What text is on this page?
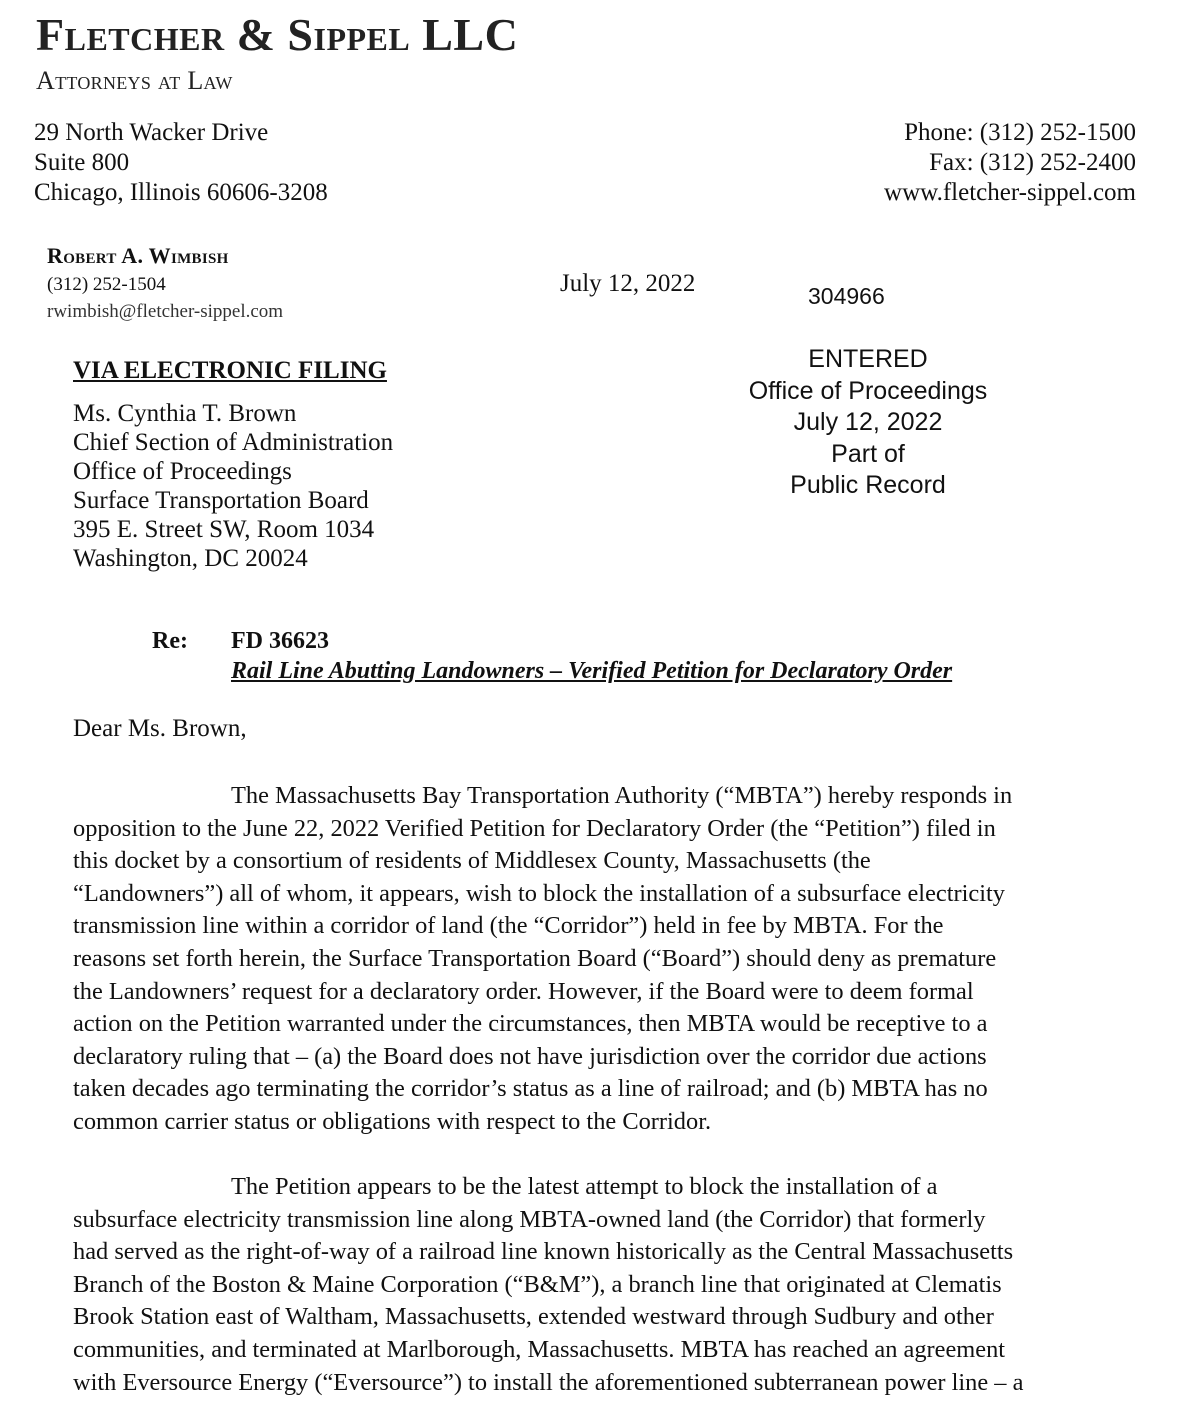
Fletcher & Sippel LLC
Attorneys at Law
29 North Wacker Drive
Suite 800
Chicago, Illinois 60606-3208
Phone: (312) 252-1500
Fax: (312) 252-2400
www.fletcher-sippel.com
Robert A. Wimbish
(312) 252-1504
rwimbish@fletcher-sippel.com
July 12, 2022	304966
ENTERED
Office of Proceedings
July 12, 2022
Part of
Public Record
VIA ELECTRONIC FILING
Ms. Cynthia T. Brown
Chief Section of Administration
Office of Proceedings
Surface Transportation Board
395 E. Street SW, Room 1034
Washington, DC 20024
Re: FD 36623
Rail Line Abutting Landowners – Verified Petition for Declaratory Order
Dear Ms. Brown,
The Massachusetts Bay Transportation Authority (“MBTA”) hereby responds in
opposition to the June 22, 2022 Verified Petition for Declaratory Order (the “Petition”) filed in
this docket by a consortium of residents of Middlesex County, Massachusetts (the
“Landowners”) all of whom, it appears, wish to block the installation of a subsurface electricity
transmission line within a corridor of land (the “Corridor”) held in fee by MBTA. For the
reasons set forth herein, the Surface Transportation Board (“Board”) should deny as premature
the Landowners’ request for a declaratory order. However, if the Board were to deem formal
action on the Petition warranted under the circumstances, then MBTA would be receptive to a
declaratory ruling that – (a) the Board does not have jurisdiction over the corridor due actions
taken decades ago terminating the corridor’s status as a line of railroad; and (b) MBTA has no
common carrier status or obligations with respect to the Corridor.
The Petition appears to be the latest attempt to block the installation of a
subsurface electricity transmission line along MBTA-owned land (the Corridor) that formerly
had served as the right-of-way of a railroad line known historically as the Central Massachusetts
Branch of the Boston & Maine Corporation (“B&M”), a branch line that originated at Clematis
Brook Station east of Waltham, Massachusetts, extended westward through Sudbury and other
communities, and terminated at Marlborough, Massachusetts. MBTA has reached an agreement
with Eversource Energy (“Eversource”) to install the aforementioned subterranean power line – a
